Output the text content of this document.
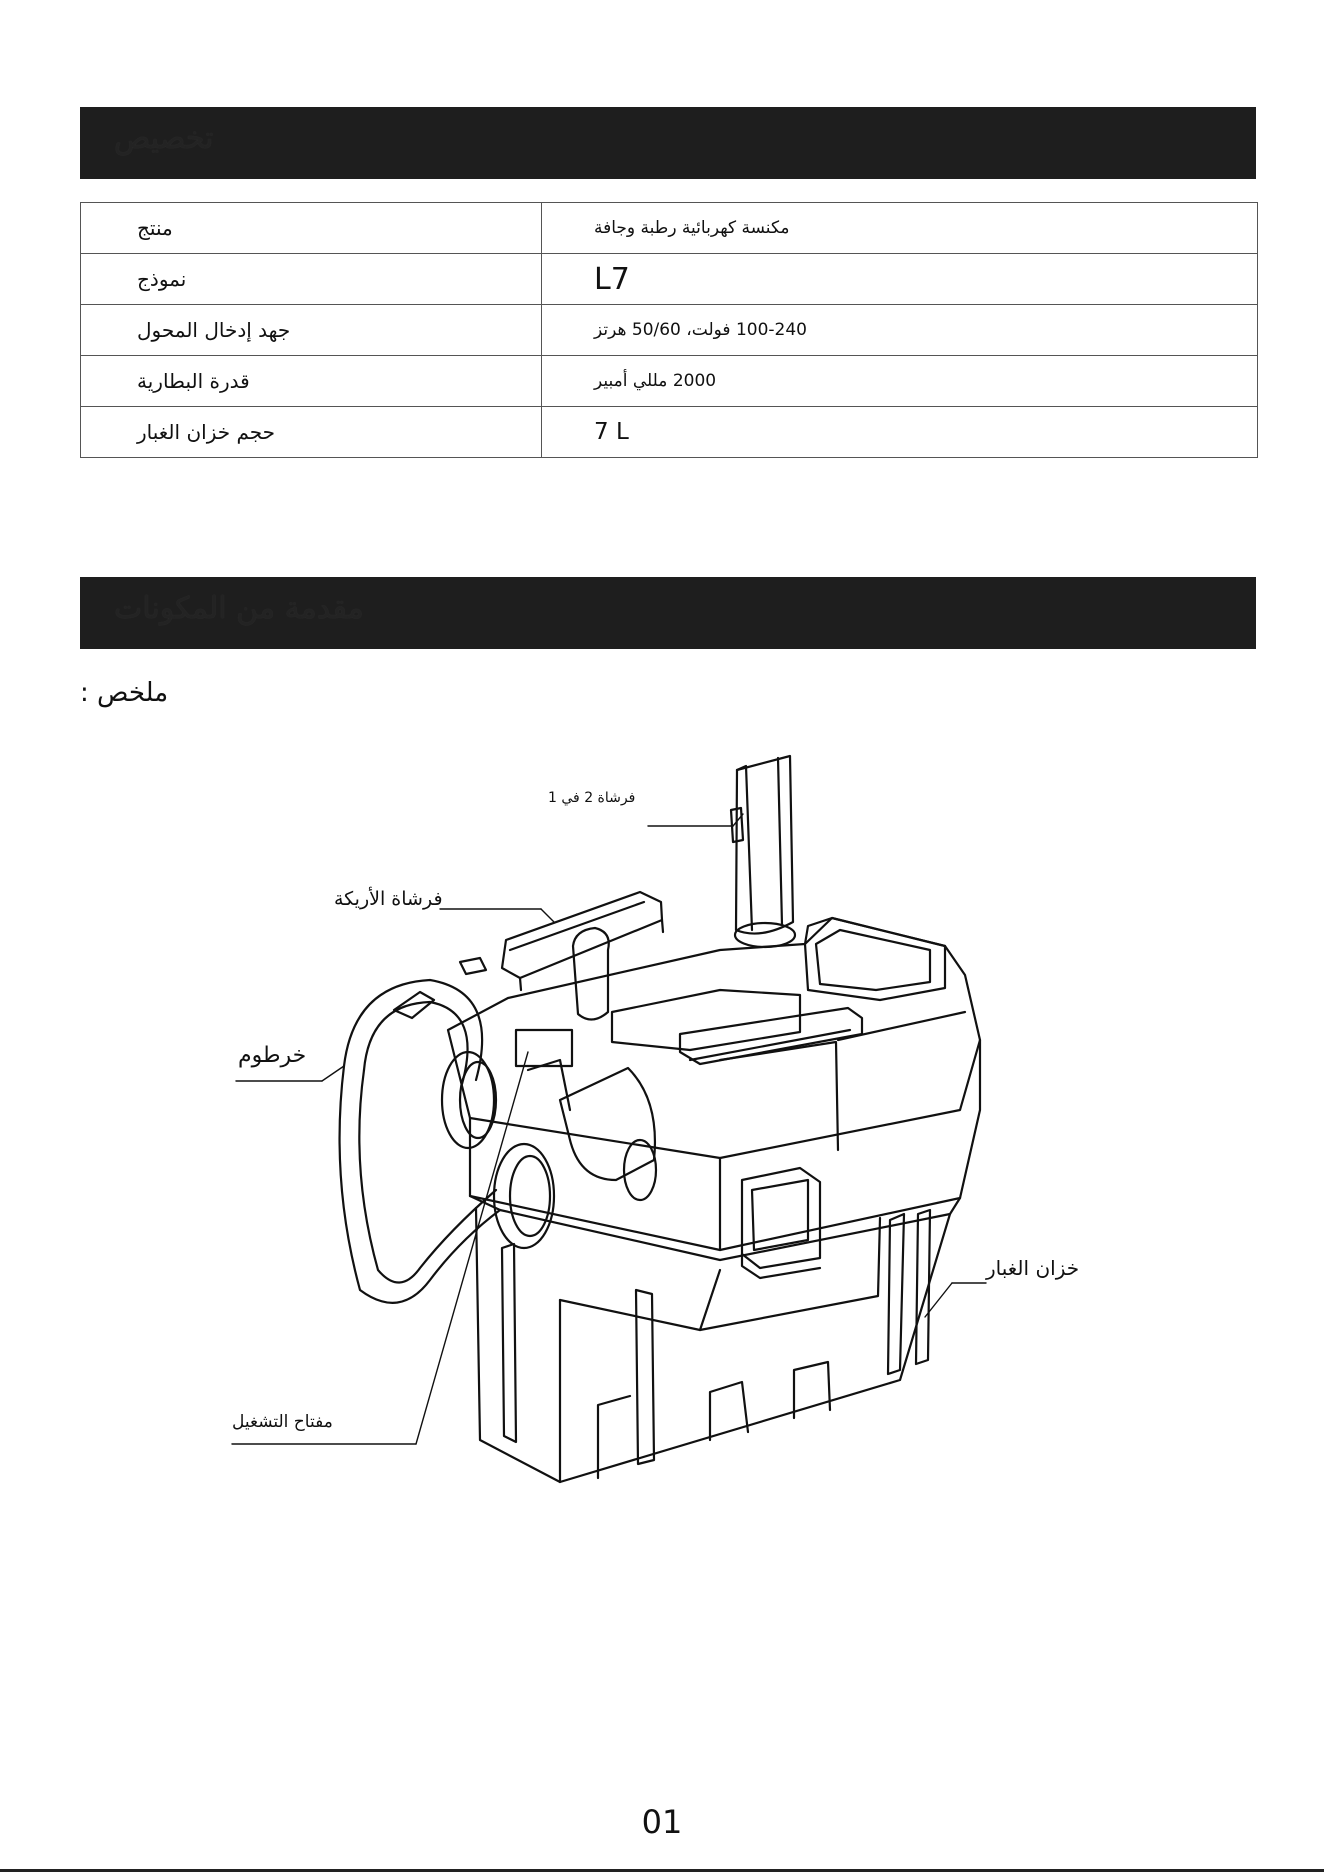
تخصيص
منتج	مكنسة كهربائية رطبة وجافة
نموذج	L7
جهد إدخال المحول	100-240 فولت، 50/60 هرتز
قدرة البطارية	2000 مللي أمبير
حجم خزان الغبار	7 L
مقدمة من المكونات
ملخص :
فرشاة 2 في 1
فرشاة الأريكة
خرطوم
خزان الغبار
مفتاح التشغيل
01
